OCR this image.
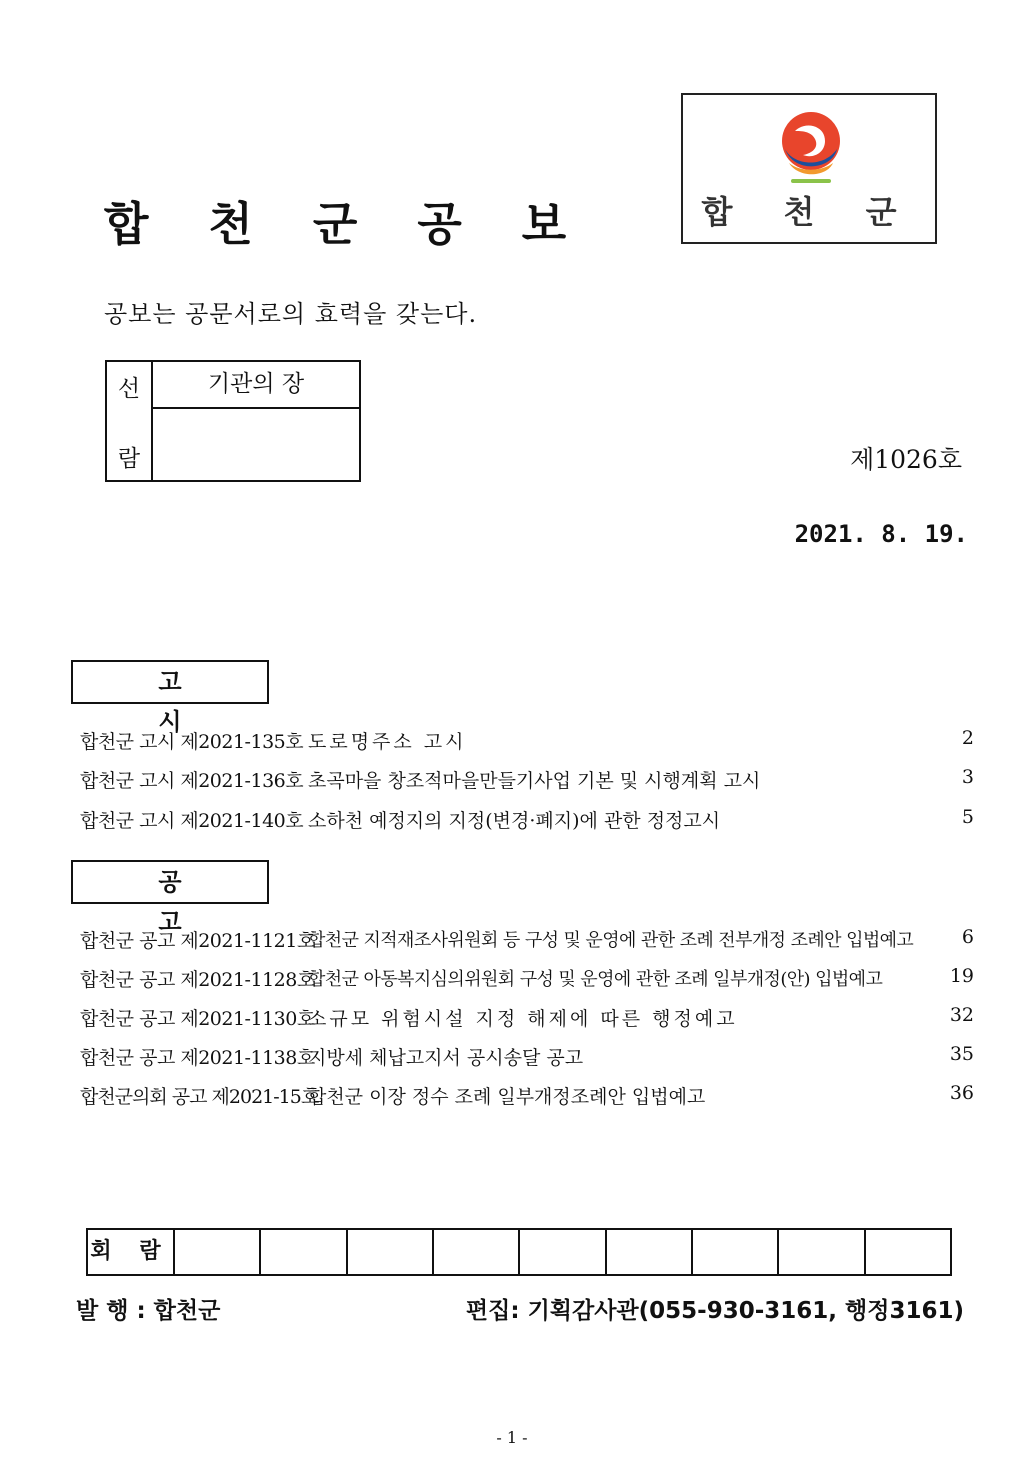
합 천 군 공 보
공보는 공문서로의 효력을 갖는다.
합 천 군
선
람
기관의 장
제1026호
2021. 8. 19.
고 시
합천군 고시 제2021-135호 도로명주소 고시	2
합천군 고시 제2021-136호 초곡마을 창조적마을만들기사업 기본 및 시행계획 고시	3
합천군 고시 제2021-140호 소하천 예정지의 지정(변경·폐지)에 관한 정정고시	5
공 고
합천군 공고 제2021-1121호
합천군 지적재조사위원회 등 구성 및 운영에 관한 조례 전부개정 조례안 입법예고	6
합천군 공고 제2021-1128호
합천군 아동복지심의위원회 구성 및 운영에 관한 조례 일부개정(안) 입법예고	19
합천군 공고 제2021-1130호
소규모 위험시설 지정 해제에 따른 행정예고	32
합천군 공고 제2021-1138호
지방세 체납고지서 공시송달 공고	35
합천군의회 공고 제2021-15호
합천군 이장 정수 조례 일부개정조례안 입법예고	36
회 람
발 행 : 합천군	편집: 기획감사관(055-930-3161, 행정3161)
- 1 -
